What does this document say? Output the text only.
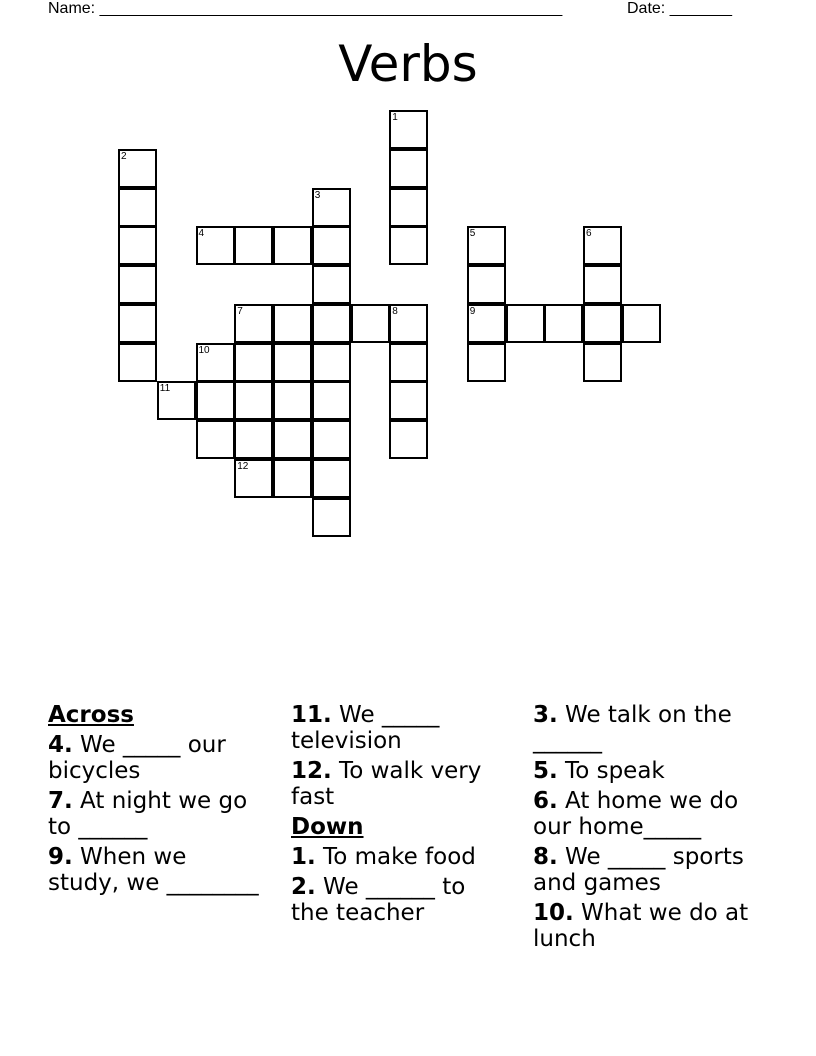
Name: ____________________________________________________	Date: _______
Verbs
1
2
3
4	5	6
7	8	9
10
11
12
Across
4. We _____ our bicycles
7. At night we go to ______
9. When we study, we ________
11. We _____ television
12. To walk very fast
Down
1. To make food
2. We ______ to the teacher
3. We talk on the ______
5. To speak
6. At home we do our home_____
8. We _____ sports and games
10. What we do at lunch
